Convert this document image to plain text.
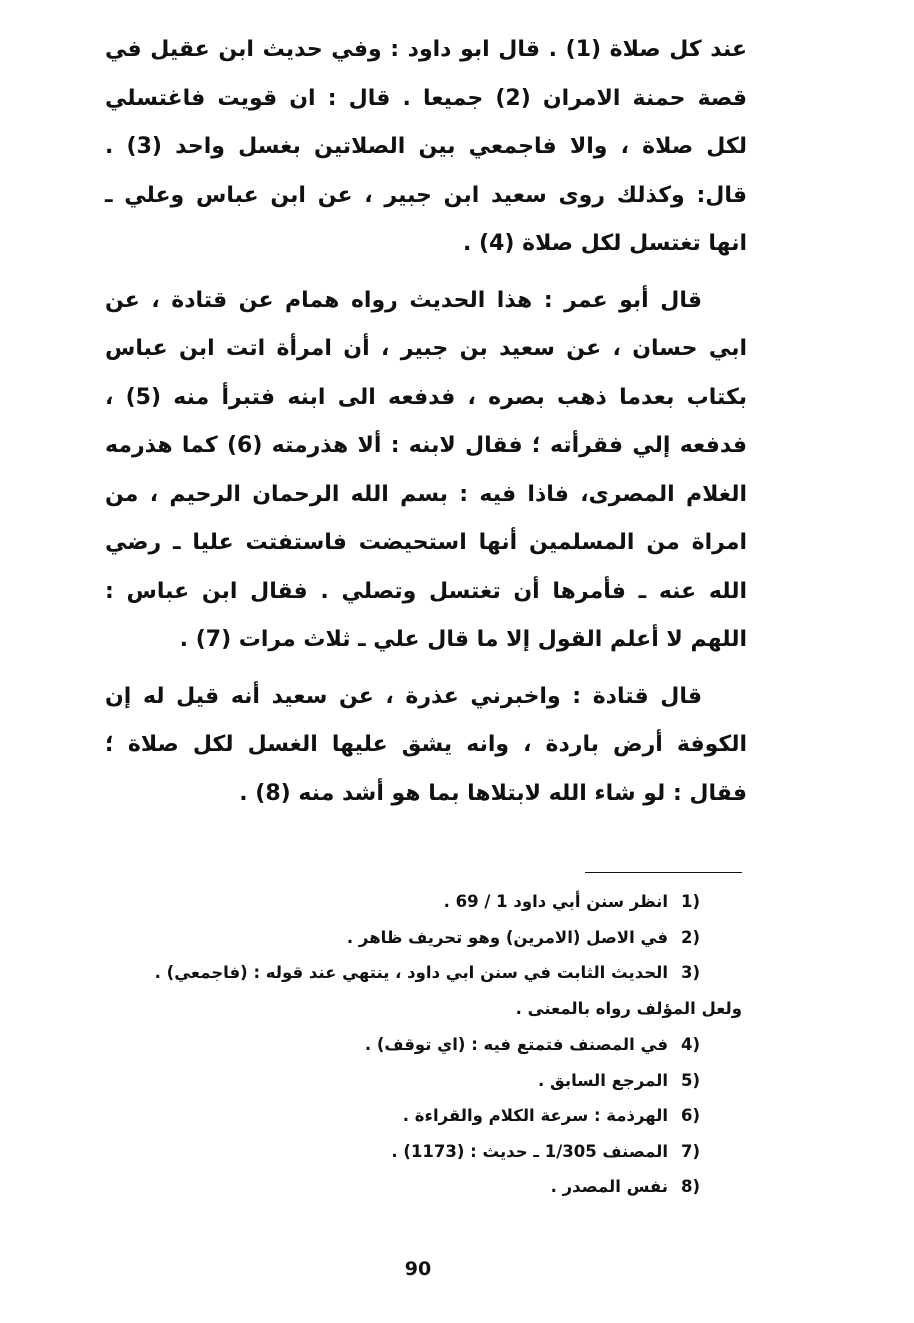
عند كل صلاة (1) . قال ابو داود : وفي حديث ابن عقيل في قصة حمنة الامران (2) جميعا . قال : ان قويت فاغتسلي لكل صلاة ، والا فاجمعي بين الصلاتين بغسل واحد (3) . قال: وكذلك روى سعيد ابن جبير ، عن ابن عباس وعلي ـ انها تغتسل لكل صلاة (4) .

قال أبو عمر : هذا الحديث رواه همام عن قتادة ، عن ابي حسان ، عن سعيد بن جبير ، أن امرأة اتت ابن عباس بكتاب بعدما ذهب بصره ، فدفعه الى ابنه فتبرأ منه (5) ، فدفعه إلي فقرأته ؛ فقال لابنه : ألا هذرمته (6) كما هذرمه الغلام المصرى، فاذا فيه : بسم الله الرحمان الرحيم ، من امراة من المسلمين أنها استحيضت فاستفتت عليا ـ رضي الله عنه ـ فأمرها أن تغتسل وتصلي . فقال ابن عباس : اللهم لا أعلم القول إلا ما قال علي ـ ثلاث مرات (7) .

قال قتادة : واخبرني عذرة ، عن سعيد أنه قيل له إن الكوفة أرض باردة ، وانه يشق عليها الغسل لكل صلاة ؛ فقال : لو شاء الله لابتلاها بما هو أشد منه (8) .

(1انظر سنن أبي داود 1 / 69 .

(2في الاصل (الامرين) وهو تحريف ظاهر .

(3الحديث الثابت في سنن ابي داود ، ينتهي عند قوله : (فاجمعي) .
ولعل المؤلف رواه بالمعنى .

(4في المصنف فتمتع فيه : (اي توقف) .

(5المرجع السابق .

(6الهرذمة : سرعة الكلام والقراءة .

(7المصنف 1/305 ـ حديث : (1173) .

(8نفس المصدر .

90
